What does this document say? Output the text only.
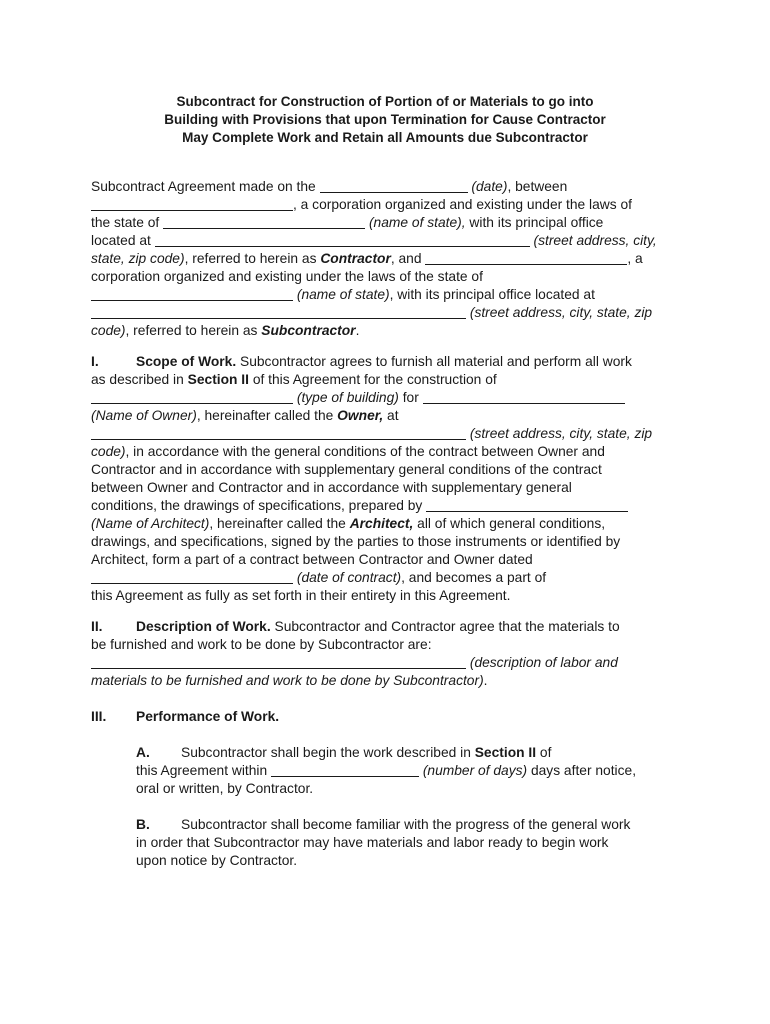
Subcontract for Construction of Portion of or Materials to go into
Building with Provisions that upon Termination for Cause Contractor
May Complete Work and Retain all Amounts due Subcontractor
Subcontract Agreement made on the	(date), between
, a corporation organized and existing under the laws of
the state of	(name of state), with its principal office
located at	(street address, city,
state, zip code), referred to herein as Contractor, and	, a
corporation organized and existing under the laws of the state of
(name of state), with its principal office located at
(street address, city, state, zip
code), referred to herein as Subcontractor.
I.	Scope of Work. Subcontractor agrees to furnish all material and perform all work
as described in Section II of this Agreement for the construction of
(type of building) for
(Name of Owner), hereinafter called the Owner, at
(street address, city, state, zip
code), in accordance with the general conditions of the contract between Owner and
Contractor and in accordance with supplementary general conditions of the contract
between Owner and Contractor and in accordance with supplementary general
conditions, the drawings of specifications, prepared by
(Name of Architect), hereinafter called the Architect, all of which general conditions,
drawings, and specifications, signed by the parties to those instruments or identified by
Architect, form a part of a contract between Contractor and Owner dated
(date of contract), and becomes a part of
this Agreement as fully as set forth in their entirety in this Agreement.
II. Description of Work. Subcontractor and Contractor agree that the materials to
be furnished and work to be done by Subcontractor are:
(description of labor and
materials to be furnished and work to be done by Subcontractor).
III. Performance of Work.
A. Subcontractor shall begin the work described in Section II of
this Agreement within	(number of days) days after notice,
oral or written, by Contractor.
B. Subcontractor shall become familiar with the progress of the general work
in order that Subcontractor may have materials and labor ready to begin work
upon notice by Contractor.
